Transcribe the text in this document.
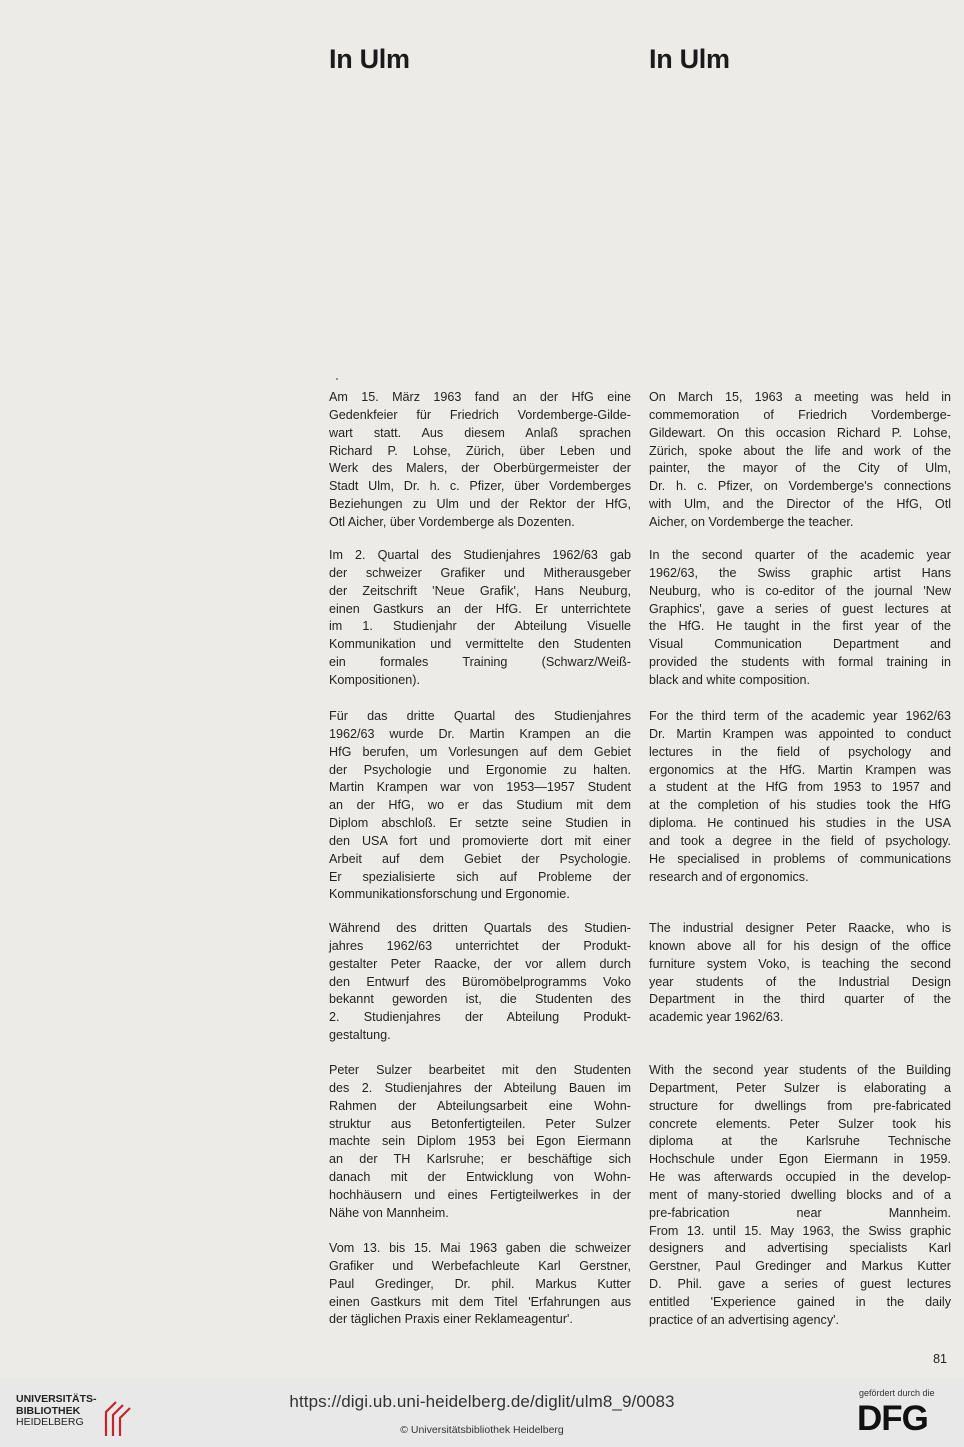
In Ulm	In Ulm
Am 15. März 1963 fand an der HfG eine
Gedenkfeier für Friedrich Vordemberge-Gilde-
wart statt. Aus diesem Anlaß sprachen
Richard P. Lohse, Zürich, über Leben und
Werk des Malers, der Oberbürgermeister der
Stadt Ulm, Dr. h. c. Pfizer, über Vordemberges
Beziehungen zu Ulm und der Rektor der HfG,
Otl Aicher, über Vordemberge als Dozenten.
Im 2. Quartal des Studienjahres 1962/63 gab
der schweizer Grafiker und Mitherausgeber
der Zeitschrift 'Neue Grafik', Hans Neuburg,
einen Gastkurs an der HfG. Er unterrichtete
im 1. Studienjahr der Abteilung Visuelle
Kommunikation und vermittelte den Studenten
ein formales Training (Schwarz/Weiß-
Kompositionen).
Für das dritte Quartal des Studienjahres
1962/63 wurde Dr. Martin Krampen an die
HfG berufen, um Vorlesungen auf dem Gebiet
der Psychologie und Ergonomie zu halten.
Martin Krampen war von 1953—1957 Student
an der HfG, wo er das Studium mit dem
Diplom abschloß. Er setzte seine Studien in
den USA fort und promovierte dort mit einer
Arbeit auf dem Gebiet der Psychologie.
Er spezialisierte sich auf Probleme der
Kommunikationsforschung und Ergonomie.
Während des dritten Quartals des Studien-
jahres 1962/63 unterrichtet der Produkt-
gestalter Peter Raacke, der vor allem durch
den Entwurf des Büromöbelprogramms Voko
bekannt geworden ist, die Studenten des
2. Studienjahres der Abteilung Produkt-
gestaltung.
Peter Sulzer bearbeitet mit den Studenten
des 2. Studienjahres der Abteilung Bauen im
Rahmen der Abteilungsarbeit eine Wohn-
struktur aus Betonfertigteilen. Peter Sulzer
machte sein Diplom 1953 bei Egon Eiermann
an der TH Karlsruhe; er beschäftige sich
danach mit der Entwicklung von Wohn-
hochhäusern und eines Fertigteilwerkes in der
Nähe von Mannheim.
Vom 13. bis 15. Mai 1963 gaben die schweizer
Grafiker und Werbefachleute Karl Gerstner,
Paul Gredinger, Dr. phil. Markus Kutter
einen Gastkurs mit dem Titel 'Erfahrungen aus
der täglichen Praxis einer Reklameagentur'.
On March 15, 1963 a meeting was held in
commemoration of Friedrich Vordemberge-
Gildewart. On this occasion Richard P. Lohse,
Zürich, spoke about the life and work of the
painter, the mayor of the City of Ulm,
Dr. h. c. Pfizer, on Vordemberge's connections
with Ulm, and the Director of the HfG, Otl
Aicher, on Vordemberge the teacher.
In the second quarter of the academic year
1962/63, the Swiss graphic artist Hans
Neuburg, who is co-editor of the journal 'New
Graphics', gave a series of guest lectures at
the HfG. He taught in the first year of the
Visual Communication Department and
provided the students with formal training in
black and white composition.
For the third term of the academic year 1962/63
Dr. Martin Krampen was appointed to conduct
lectures in the field of psychology and
ergonomics at the HfG. Martin Krampen was
a student at the HfG from 1953 to 1957 and
at the completion of his studies took the HfG
diploma. He continued his studies in the USA
and took a degree in the field of psychology.
He specialised in problems of communications
research and of ergonomics.
The industrial designer Peter Raacke, who is
known above all for his design of the office
furniture system Voko, is teaching the second
year students of the Industrial Design
Department in the third quarter of the
academic year 1962/63.
With the second year students of the Building
Department, Peter Sulzer is elaborating a
structure for dwellings from pre-fabricated
concrete elements. Peter Sulzer took his
diploma at the Karlsruhe Technische
Hochschule under Egon Eiermann in 1959.
He was afterwards occupied in the develop-
ment of many-storied dwelling blocks and of a
pre-fabrication near Mannheim.
From 13. until 15. May 1963, the Swiss graphic
designers and advertising specialists Karl
Gerstner, Paul Gredinger and Markus Kutter
D. Phil. gave a series of guest lectures
entitled 'Experience gained in the daily
practice of an advertising agency'.
81
UNIVERSITÄTS-
BIBLIOTHEK
HEIDELBERG
https://digi.ub.uni-heidelberg.de/diglit/ulm8_9/0083
© Universitätsbibliothek Heidelberg
gefördert durch die
DFG
